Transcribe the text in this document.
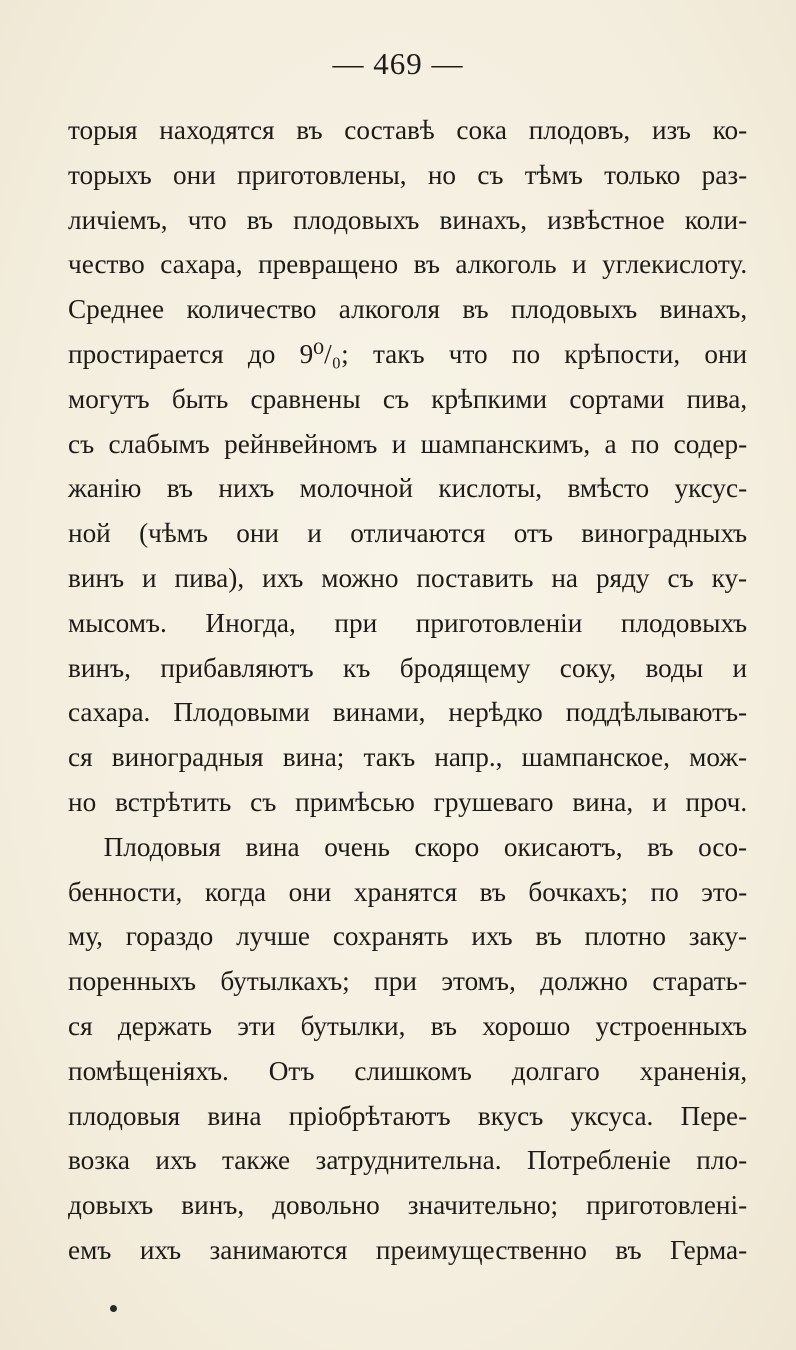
— 469 —
торыя находятся въ составѣ сока плодовъ, изъ ко-
торыхъ они приготовлены, но съ тѣмъ только раз-
личіемъ, что въ плодовыхъ винахъ, извѣстное коли-
чество сахара, превращено въ алкоголь и углекислоту.
Среднее количество алкоголя въ плодовыхъ винахъ,
простирается до 9⁰/₀; такъ что по крѣпости, они
могутъ быть сравнены съ крѣпкими сортами пива,
съ слабымъ рейнвейномъ и шампанскимъ, а по содер-
жанію въ нихъ молочной кислоты, вмѣсто уксус-
ной (чѣмъ они и отличаются отъ виноградныхъ
винъ и пива), ихъ можно поставить на ряду съ ку-
мысомъ. Иногда, при приготовленіи плодовыхъ
винъ, прибавляютъ къ бродящему соку, воды и
сахара. Плодовыми винами, нерѣдко поддѣлываютъ-
ся виноградныя вина; такъ напр., шампанское, мож-
но встрѣтить съ примѣсью грушеваго вина, и проч.
Плодовыя вина очень скоро окисаютъ, въ осо-
бенности, когда они хранятся въ бочкахъ; по это-
му, гораздо лучше сохранять ихъ въ плотно заку-
поренныхъ бутылкахъ; при этомъ, должно старать-
ся держать эти бутылки, въ хорошо устроенныхъ
помѣщеніяхъ. Отъ слишкомъ долгаго храненія,
плодовыя вина пріобрѣтаютъ вкусъ уксуса. Пере-
возка ихъ также затруднительна. Потребленіе пло-
довыхъ винъ, довольно значительно; приготовлені-
емъ ихъ занимаются преимущественно въ Герма-
